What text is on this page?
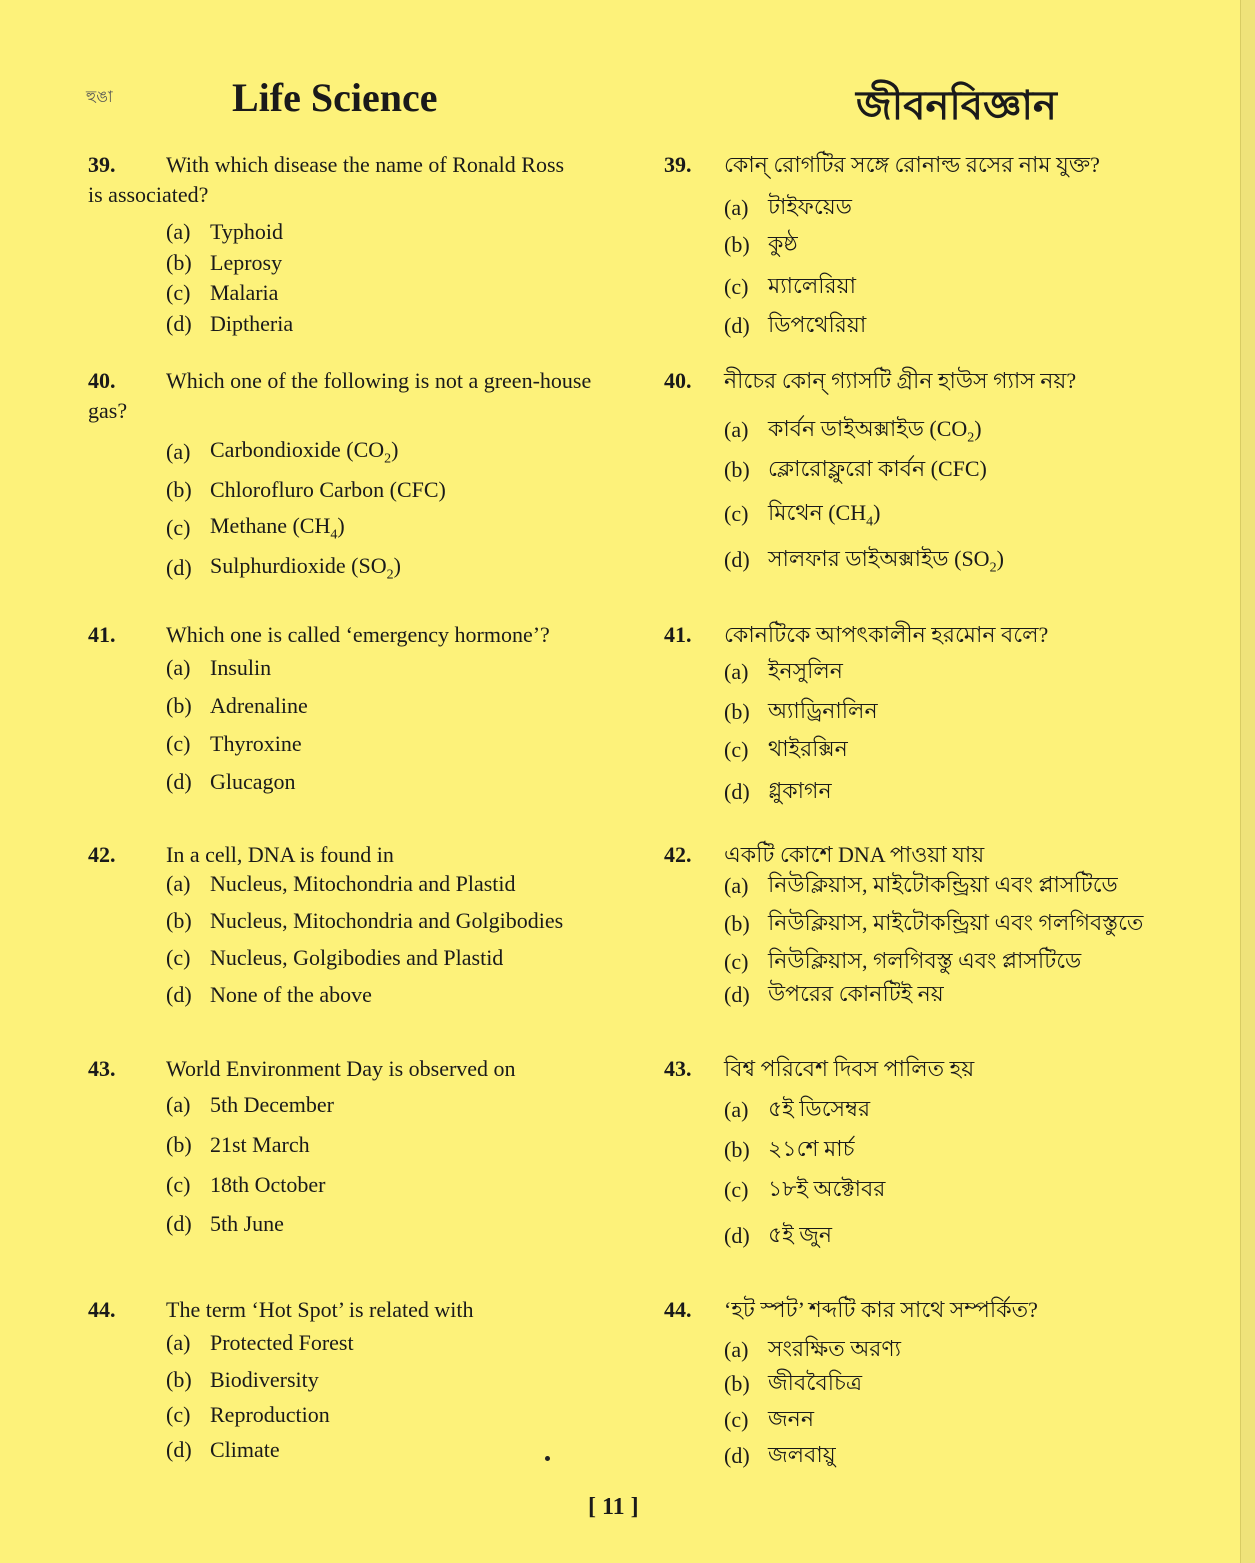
হুঙা	Life Science	জীবনবিজ্ঞান
39.	With which disease the name of Ronald Ross
is associated?
(a) Typhoid
(b) Leprosy
(c) Malaria
(d) Diptheria
40.	Which one of the following is not a green-house
gas?
(a) Carbondioxide $(CO_2)$
(b) Chlorofluro Carbon (CFC)
(c) Methane $(CH_4)$
(d) Sulphurdioxide $(SO_2)$
41.	Which one is called ‘emergency hormone’?
(a) Insulin
(b) Adrenaline
(c) Thyroxine
(d) Glucagon
42.	In a cell, DNA is found in
(a) Nucleus, Mitochondria and Plastid
(b) Nucleus, Mitochondria and Golgibodies
(c) Nucleus, Golgibodies and Plastid
(d) None of the above
43.	World Environment Day is observed on
(a) 5th December
(b) 21st March
(c) 18th October
(d) 5th June
44.	The term ‘Hot Spot’ is related with
(a) Protected Forest
(b) Biodiversity
(c) Reproduction
(d) Climate
39.	কোন্ রোগটির সঙ্গে রোনাল্ড রসের নাম যুক্ত?
(a) টাইফয়েড
(b) কুষ্ঠ
(c) ম্যালেরিয়া
(d) ডিপথেরিয়া
40.	নীচের কোন্ গ্যাসটি গ্রীন হাউস গ্যাস নয়?
(a) কার্বন ডাইঅক্সাইড $(CO_2)$
(b) ক্লোরোফ্লুরো কার্বন (CFC)
(c) মিথেন $(CH_4)$
(d) সালফার ডাইঅক্সাইড $(SO_2)$
41.	কোনটিকে আপৎকালীন হরমোন বলে?
(a) ইনসুলিন
(b) অ্যাড্রিনালিন
(c) থাইরক্সিন
(d) গ্লুকাগন
42.	একটি কোশে DNA পাওয়া যায়
(a) নিউক্লিয়াস, মাইটোকন্ড্রিয়া এবং প্লাসটিডে
(b) নিউক্লিয়াস, মাইটোকন্ড্রিয়া এবং গলগিবস্তুতে
(c) নিউক্লিয়াস, গলগিবস্তু এবং প্লাসটিডে
(d) উপরের কোনটিই নয়
43.	বিশ্ব পরিবেশ দিবস পালিত হয়
(a) ৫ই ডিসেম্বর
(b) ২১শে মার্চ
(c) ১৮ই অক্টোবর
(d) ৫ই জুন
44.	‘হট স্পট’ শব্দটি কার সাথে সম্পর্কিত?
(a) সংরক্ষিত অরণ্য
(b) জীববৈচিত্র
(c) জনন
(d) জলবায়ু
[ 11 ]
